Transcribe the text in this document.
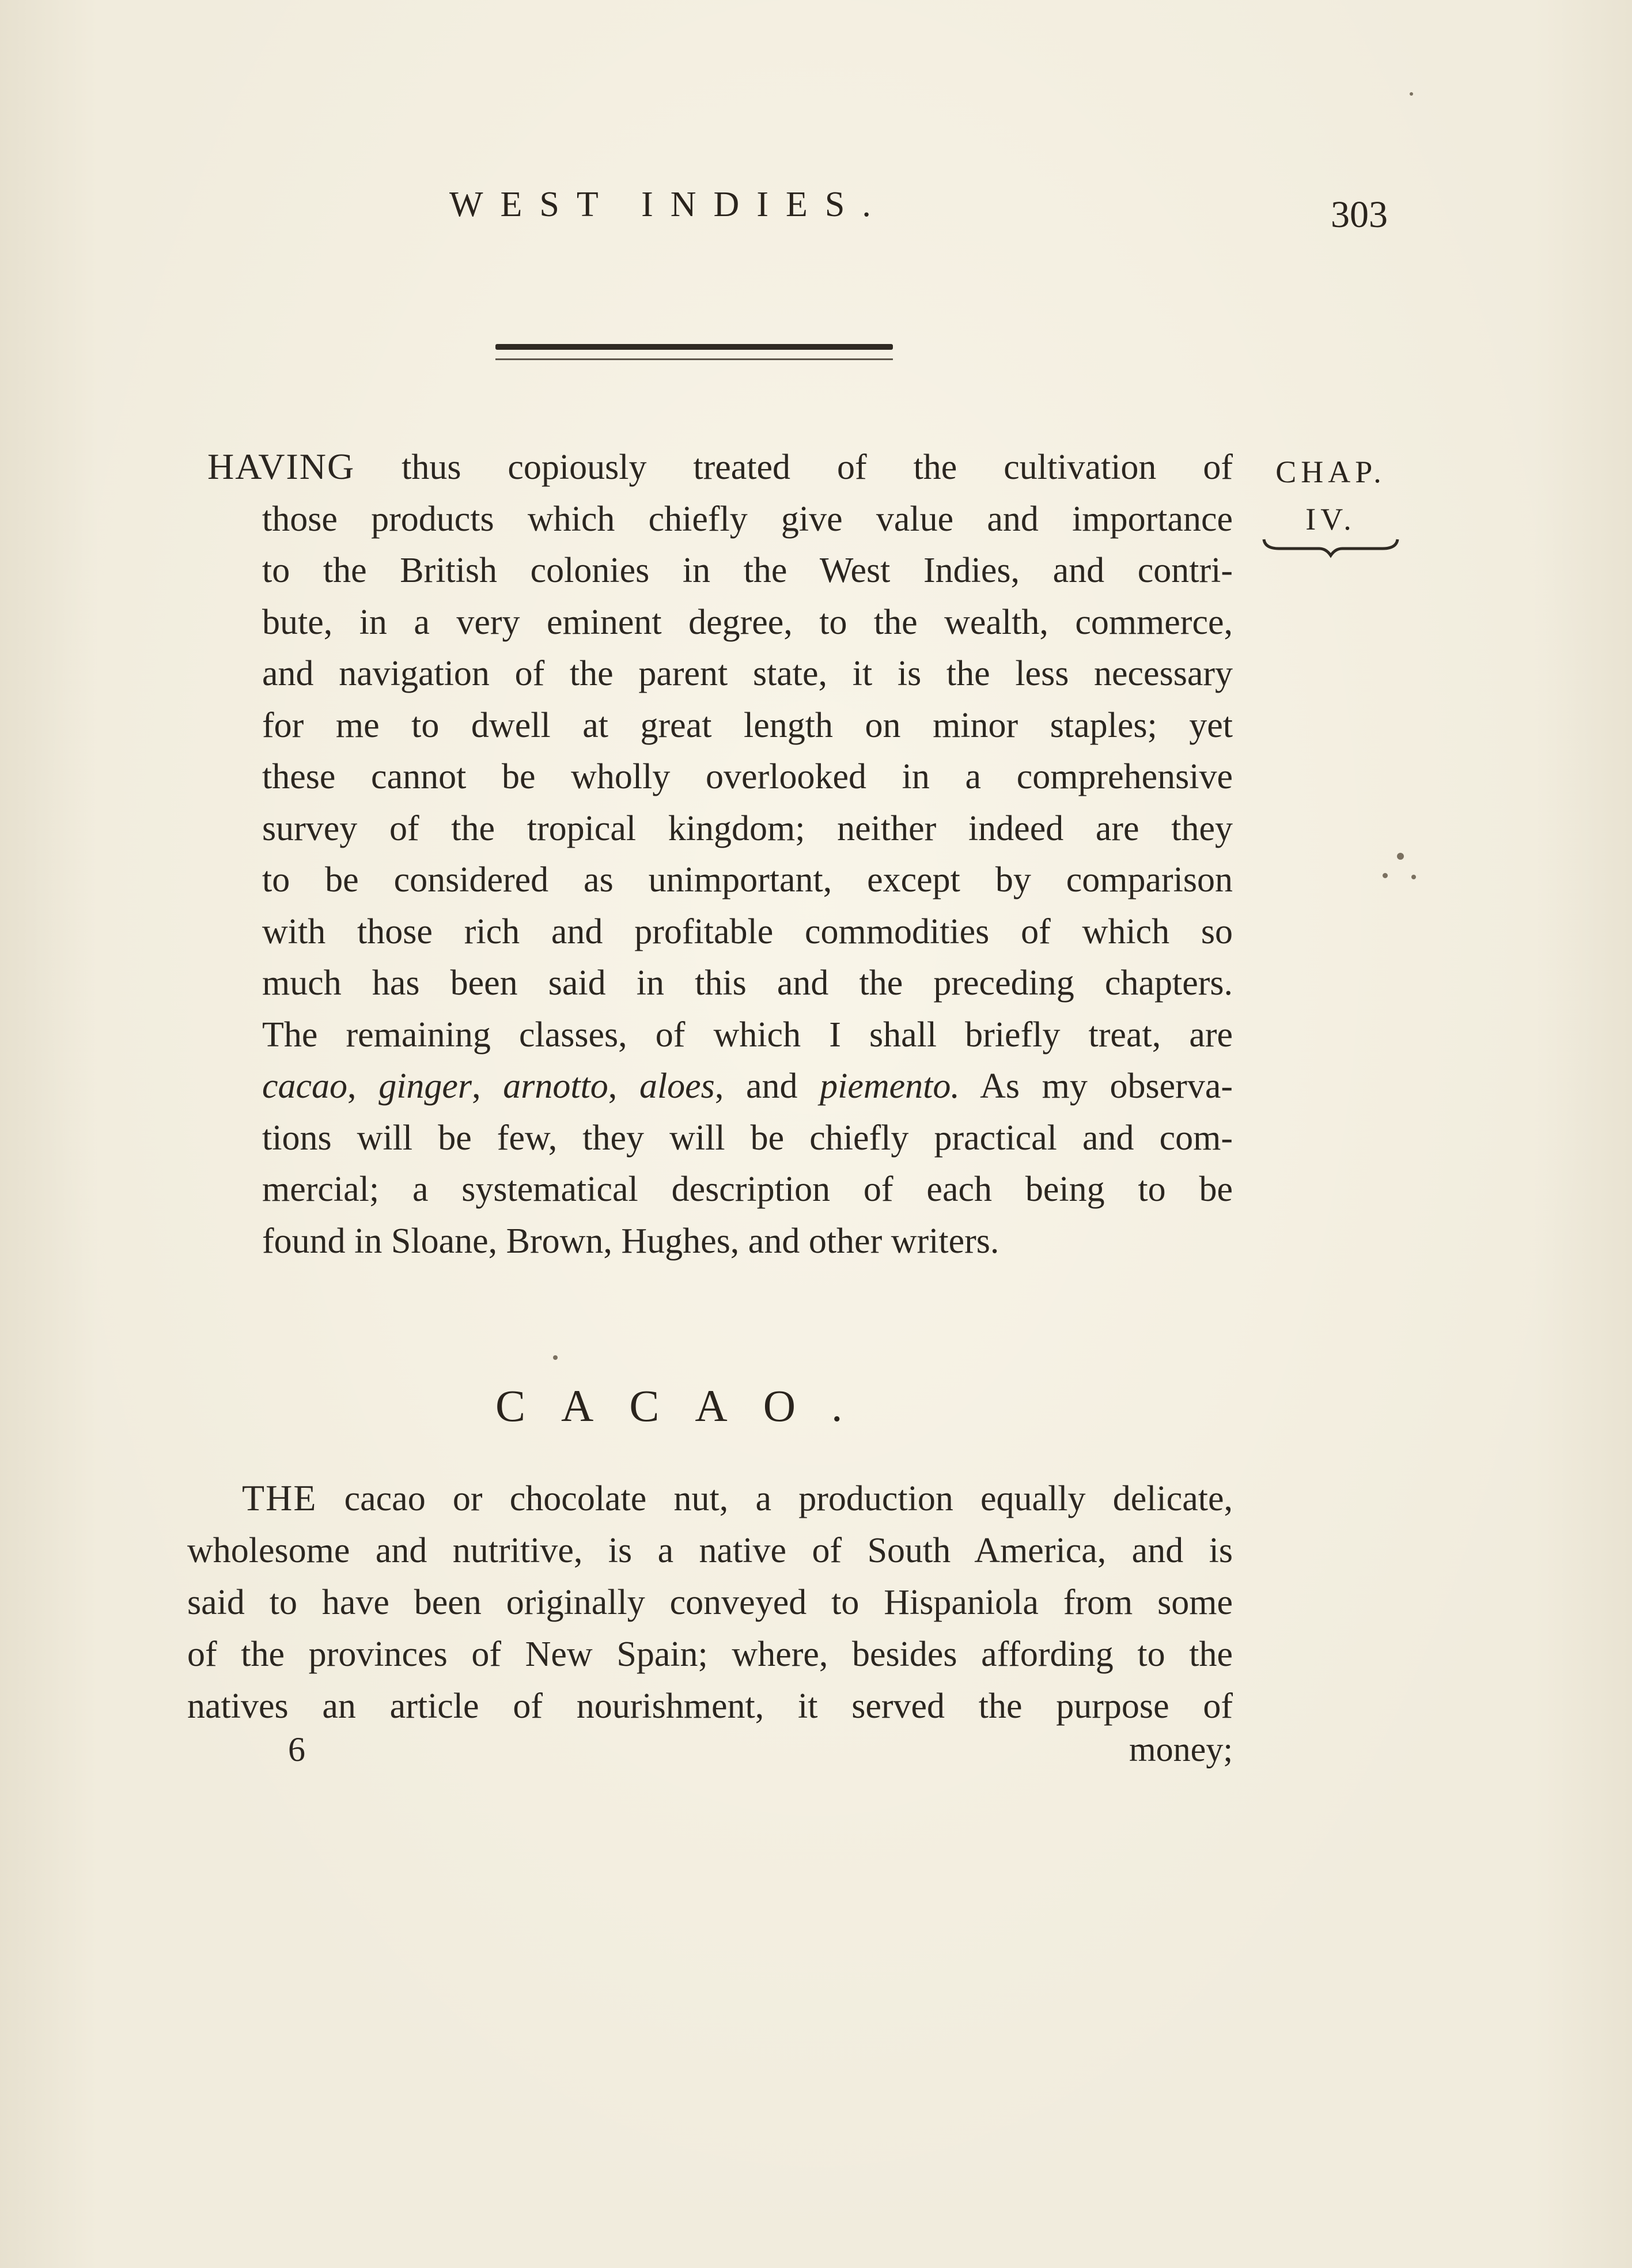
WEST INDIES.	303
CHAP.
IV.
HAVING thus copiously treated of the cultivation of
those products which chiefly give value and importance
to the British colonies in the West Indies, and contri-
bute, in a very eminent degree, to the wealth, commerce,
and navigation of the parent state, it is the less necessary
for me to dwell at great length on minor staples; yet
these cannot be wholly overlooked in a comprehensive
survey of the tropical kingdom; neither indeed are they
to be considered as unimportant, except by comparison
with those rich and profitable commodities of which so
much has been said in this and the preceding chapters.
The remaining classes, of which I shall briefly treat, are
cacao, ginger, arnotto, aloes, and piemento. As my observa-
tions will be few, they will be chiefly practical and com-
mercial; a systematical description of each being to be
found in Sloane, Brown, Hughes, and other writers.
CACAO.
THE cacao or chocolate nut, a production equally delicate,
wholesome and nutritive, is a native of South America, and is
said to have been originally conveyed to Hispaniola from some
of the provinces of New Spain; where, besides affording to the
natives an article of nourishment, it served the purpose of
6	money;
